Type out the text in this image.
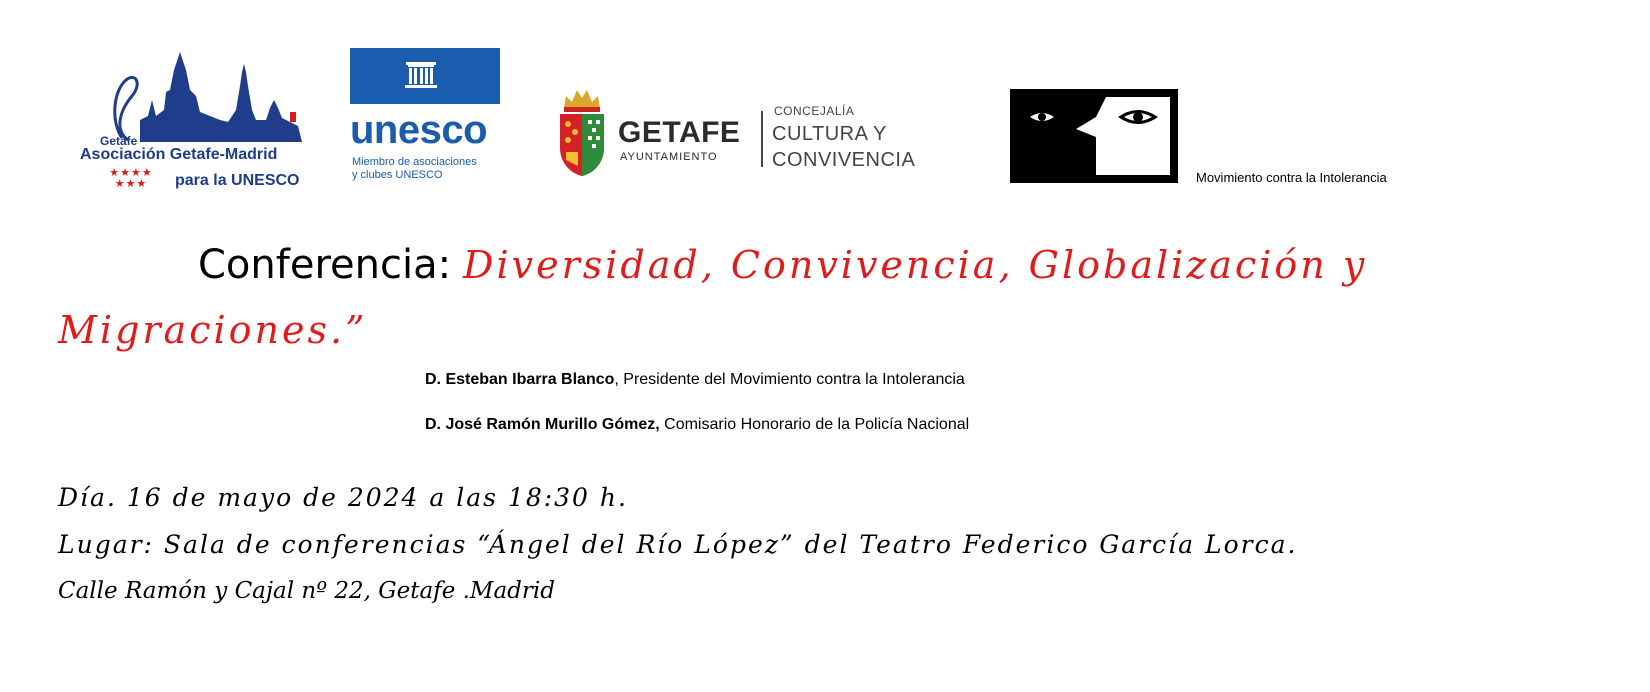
Getafe
Asociación Getafe-Madrid
★★★★ ★★★	para la UNESCO
unesco
Miembro de asociaciones
y clubes UNESCO
GETAFE
AYUNTAMIENTO
CONCEJALÍA
CULTURA Y
CONVIVENCIA
Movimiento contra la Intolerancia
Conferencia: Diversidad, Convivencia, Globalización y
Migraciones.”
D. Esteban Ibarra Blanco, Presidente del Movimiento contra la Intolerancia
D. José Ramón Murillo Gómez, Comisario Honorario de la Policía Nacional
Día. 16 de mayo de 2024 a las 18:30 h.
Lugar: Sala de conferencias “Ángel del Río López” del Teatro Federico García Lorca.
Calle Ramón y Cajal nº 22, Getafe .Madrid
